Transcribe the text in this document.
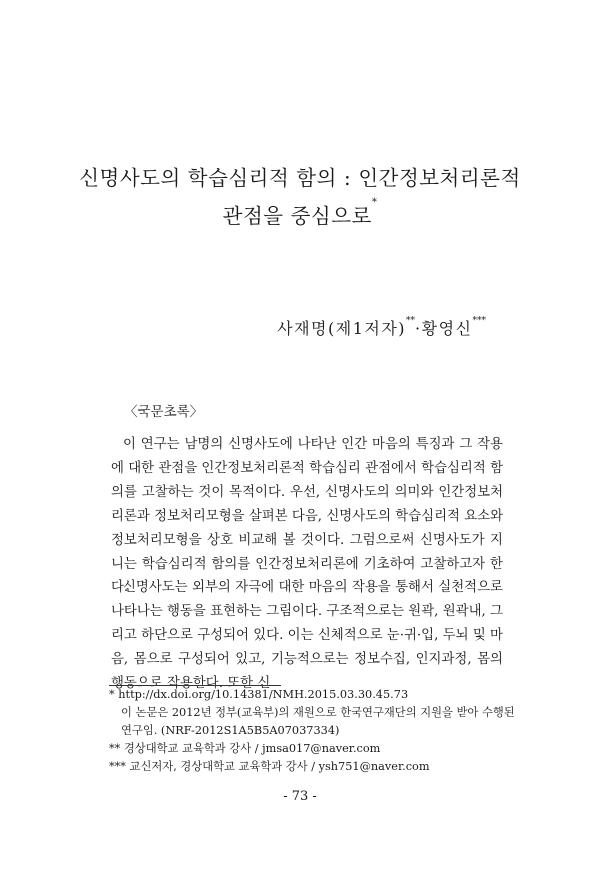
신명사도의 학습심리적 함의 : 인간정보처리론적
관점을 중심으로*
사재명(제1저자)**·황영신***
〈국문초록〉

이 연구는 남명의 신명사도에 나타난 인간 마음의 특징과 그 작용에 대한 관점을 인간정보처리론적 학습심리 관점에서 학습심리적 함의를 고찰하는 것이 목적이다. 우선, 신명사도의 의미와 인간정보처리론과 정보처리모형을 살펴본 다음, 신명사도의 학습심리적 요소와 정보처리모형을 상호 비교해 볼 것이다. 그럼으로써 신명사도가 지니는 학습심리적 함의를 인간정보처리론에 기초하여 고찰하고자 한다.

신명사도는 외부의 자극에 대한 마음의 작용을 통해서 실천적으로 나타나는 행동을 표현하는 그림이다. 구조적으로는 원곽, 원곽내, 그리고 하단으로 구성되어 있다. 이는 신체적으로 눈·귀·입, 두뇌 및 마음, 몸으로 구성되어 있고, 기능적으로는 정보수집, 인지과정, 몸의 행동으로 작용한다. 또한 신

* http://dx.doi.org/10.14381/NMH.2015.03.30.45.73
이 논문은 2012년 정부(교육부)의 재원으로 한국연구재단의 지원을 받아 수행된
연구임. (NRF-2012S1A5B5A07037334)
** 경상대학교 교육학과 강사 / jmsa017@naver.com
*** 교신저자, 경상대학교 교육학과 강사 / ysh751@naver.com
- 73 -
